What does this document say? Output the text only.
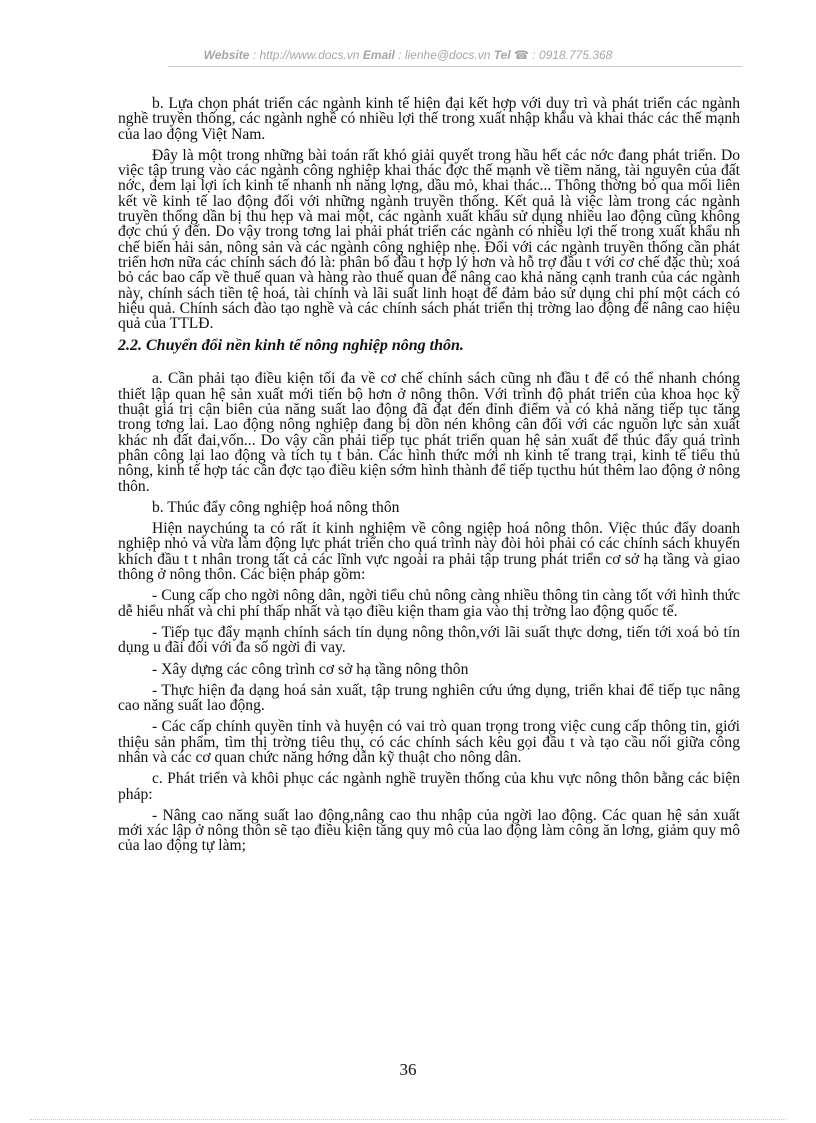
Website : http://www.docs.vn Email : lienhe@docs.vn Tel ☎ : 0918.775.368

b. Lựa chọn phát triển các ngành kinh tế hiện đại kết hợp với duy trì và phát triển các ngành nghề truyền thống, các ngành nghề có nhiều lợi thế trong xuất nhập khẩu và khai thác các thế mạnh của lao động Việt Nam.

Đây là một trong những bài toán rất khó giải quyết trong hầu hết các nớc đang phát triển. Do việc tập trung vào các ngành công nghiệp khai thác đợc thế mạnh về tiềm năng, tài nguyên của đất nớc, đem lại lợi ích kinh tế nhanh nh năng lợng, dầu mỏ, khai thác... Thông thờng bỏ qua mối liên kết về kinh tế lao động đối với những ngành truyền thống. Kết quả là việc làm trong các ngành truyền thống dần bị thu hẹp và mai một, các ngành xuất khẩu sử dụng nhiều lao động cũng không đợc chú ý đến. Do vậy trong tơng lai phải phát triển các ngành có nhiều lợi thế trong xuất khẩu nh chế biến hải sản, nông sản và các ngành công nghiệp nhẹ. Đối với các ngành truyền thống cần phát triển hơn nữa các chính sách đó là: phân bố đầu t hợp lý hơn và hỗ trợ đầu t với cơ chế đặc thù; xoá bỏ các bao cấp về thuế quan và hàng rào thuế quan để nâng cao khả năng cạnh tranh của các ngành này, chính sách tiền tệ hoá, tài chính và lãi suất linh hoạt để đảm bảo sử dụng chi phí một cách có hiệu quả. Chính sách đào tạo nghề và các chính sách phát triển thị trờng lao động để nâng cao hiệu quả của TTLĐ.

2.2. Chuyển đổi nền kinh tế nông nghiệp nông thôn.

a. Cần phải tạo điều kiện tối đa về cơ chế chính sách cũng nh đầu t để có thể nhanh chóng thiết lập quan hệ sản xuất mới tiến bộ hơn ở nông thôn. Với trình độ phát triển của khoa học kỹ thuật giá trị cận biên của năng suất lao động đã đạt đến đỉnh điểm và có khả năng tiếp tục tăng trong tơng lai. Lao động nông nghiệp đang bị dồn nén không cân đối với các nguồn lực sản xuất khác nh đất đai,vốn... Do vậy cần phải tiếp tục phát triển quan hệ sản xuất để thúc đẩy quá trình phân công lại lao động và tích tụ t bản. Các hình thức mới nh kinh tế trang trại, kinh tế tiểu thủ nông, kinh tế hợp tác cần đợc tạo điều kiện sớm hình thành để tiếp tụcthu hút thêm lao động ở nông thôn.

b. Thúc đẩy công nghiệp hoá nông thôn

Hiện naychúng ta có rất ít kinh nghiệm về công ngiệp hoá nông thôn. Việc thúc đẩy doanh nghiệp nhỏ và vừa làm động lực phát triển cho quá trình này đòi hỏi phải có các chính sách khuyến khích đầu t t nhân trong tất cả các lĩnh vực ngoài ra phải tập trung phát triển cơ sở hạ tầng và giao thông ở nông thôn. Các biện pháp gồm:

- Cung cấp cho ngời nông dân, ngời tiểu chủ nông càng nhiều thông tin càng tốt với hình thức dễ hiểu nhất và chi phí thấp nhất và tạo điều kiện tham gia vào thị trờng lao động quốc tế.

- Tiếp tục đẩy mạnh chính sách tín dụng nông thôn,với lãi suất thực dơng, tiến tới xoá bỏ tín dụng u đãi đối với đa số ngời đi vay.

- Xây dựng các công trình cơ sở hạ tầng nông thôn

- Thực hiện đa dạng hoá sản xuất, tập trung nghiên cứu ứng dụng, triển khai để tiếp tục nâng cao năng suất lao động.

- Các cấp chính quyền tỉnh và huyện có vai trò quan trọng trong việc cung cấp thông tin, giới thiệu sản phẩm, tìm thị trờng tiêu thụ, có các chính sách kêu gọi đầu t và tạo cầu nối giữa công nhân và các cơ quan chức năng hớng dẫn kỹ thuật cho nông dân.

c. Phát triển và khôi phục các ngành nghề truyền thống của khu vực nông thôn bằng các biện pháp:

- Nâng cao năng suất lao động,nâng cao thu nhập của ngời lao động. Các quan hệ sản xuất mới xác lập ở nông thôn sẽ tạo điều kiện tăng quy mô của lao động làm công ăn lơng, giảm quy mô của lao động tự làm;

36
